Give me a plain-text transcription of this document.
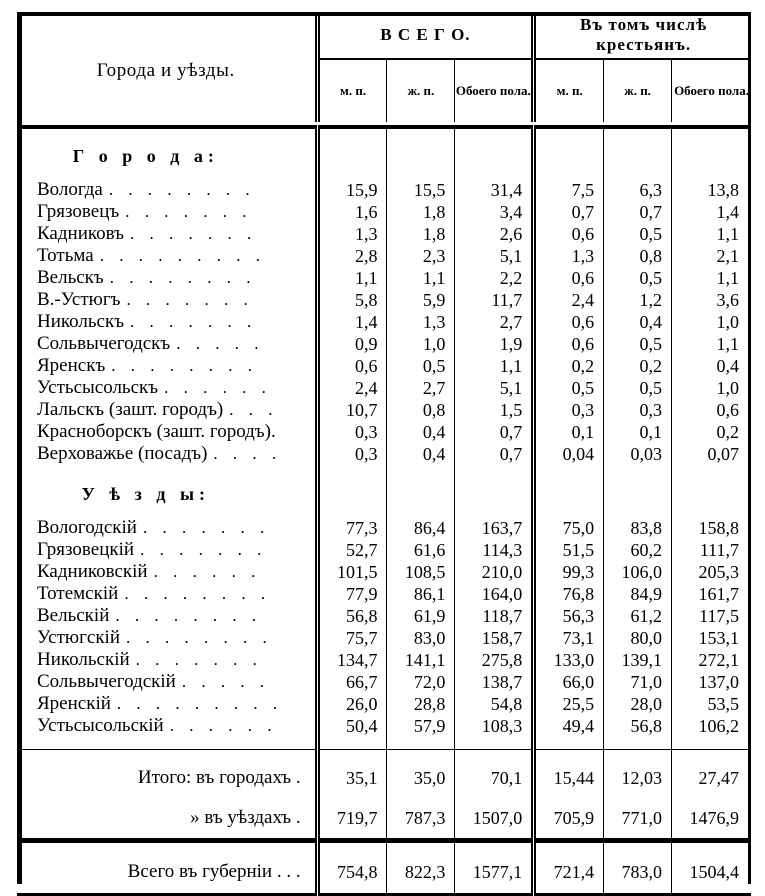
Города и уѣзды.	В С Е Г О.			Въ томъ числѣ крестьянъ.		
	м. п.	ж. п.	Обоего пола.	м. п.	ж. п.	Обоего пола.

Г о р о д а:						

Вологда . . . . . . . .	15,9	15,5	31,4	7,5	6,3	13,8
Грязовецъ . . . . . . .	1,6	1,8	3,4	0,7	0,7	1,4
Кадниковъ . . . . . . .	1,3	1,8	2,6	0,6	0,5	1,1
Тотьма . . . . . . . . .	2,8	2,3	5,1	1,3	0,8	2,1
Вельскъ . . . . . . . .	1,1	1,1	2,2	0,6	0,5	1,1
В.-Устюгъ . . . . . . .	5,8	5,9	11,7	2,4	1,2	3,6
Никольскъ . . . . . . .	1,4	1,3	2,7	0,6	0,4	1,0
Сольвычегодскъ . . . . .	0,9	1,0	1,9	0,6	0,5	1,1
Яренскъ . . . . . . . .	0,6	0,5	1,1	0,2	0,2	0,4
Устьсысольскъ . . . . . .	2,4	2,7	5,1	0,5	0,5	1,0
Лальскъ (зашт. городъ) . . .	10,7	0,8	1,5	0,3	0,3	0,6
Красноборскъ (зашт. городъ).	0,3	0,4	0,7	0,1	0,1	0,2
Верховажье (посадъ) . . . .	0,3	0,4	0,7	0,04	0,03	0,07

У ѣ з д ы:						

Вологодскій . . . . . . .	77,3	86,4	163,7	75,0	83,8	158,8
Грязовецкій . . . . . . .	52,7	61,6	114,3	51,5	60,2	111,7
Кадниковскій . . . . . .	101,5	108,5	210,0	99,3	106,0	205,3
Тотемскій . . . . . . . .	77,9	86,1	164,0	76,8	84,9	161,7
Вельскій . . . . . . . .	56,8	61,9	118,7	56,3	61,2	117,5
Устюгскій . . . . . . . .	75,7	83,0	158,7	73,1	80,0	153,1
Никольскій . . . . . . .	134,7	141,1	275,8	133,0	139,1	272,1
Сольвычегодскій . . . . .	66,7	72,0	138,7	66,0	71,0	137,0
Яренскій . . . . . . . . .	26,0	28,8	54,8	25,5	28,0	53,5
Устьсысольскій . . . . . .	50,4	57,9	108,3	49,4	56,8	106,2

Итого: въ городахъ .	35,1	35,0	70,1	15,44	12,03	27,47
» въ уѣздахъ .	719,7	787,3	1507,0	705,9	771,0	1476,9

Всего въ губерніи . . .	754,8	822,3	1577,1	721,4	783,0	1504,4
